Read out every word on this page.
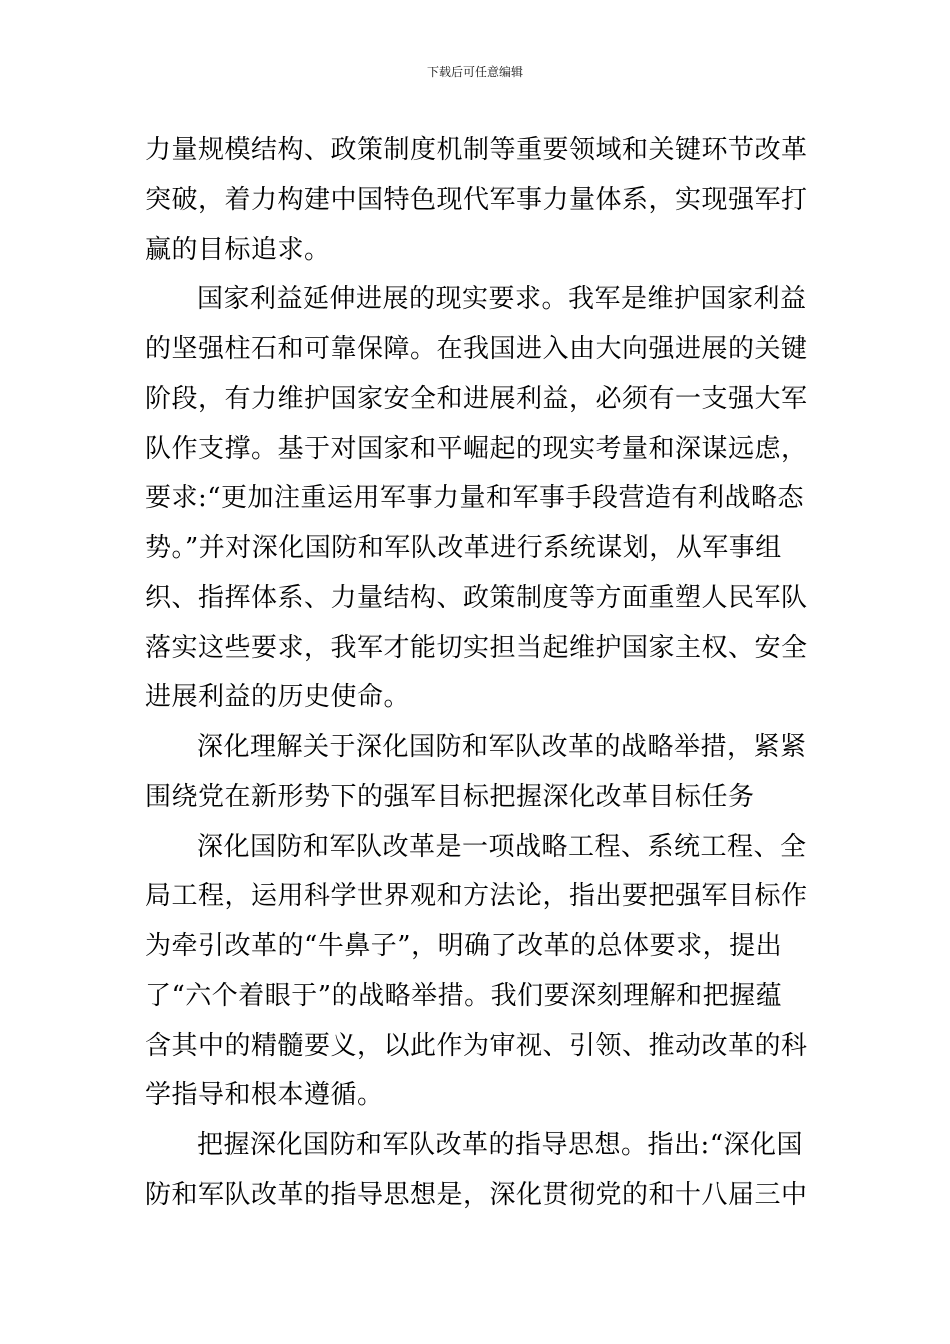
下载后可任意编辑
力量规模结构、政策制度机制等重要领域和关键环节改革
突破，着力构建中国特色现代军事力量体系，实现强军打
赢的目标追求。
国家利益延伸进展的现实要求。我军是维护国家利益
的坚强柱石和可靠保障。在我国进入由大向强进展的关键
阶段，有力维护国家安全和进展利益，必须有一支强大军
队作支撑。基于对国家和平崛起的现实考量和深谋远虑，
要求:“更加注重运用军事力量和军事手段营造有利战略态
势。”并对深化国防和军队改革进行系统谋划，从军事组
织、指挥体系、力量结构、政策制度等方面重塑人民军队
落实这些要求，我军才能切实担当起维护国家主权、安全
进展利益的历史使命。
深化理解关于深化国防和军队改革的战略举措，紧紧
围绕党在新形势下的强军目标把握深化改革目标任务
深化国防和军队改革是一项战略工程、系统工程、全
局工程，运用科学世界观和方法论，指出要把强军目标作
为牵引改革的“牛鼻子”，明确了改革的总体要求，提出
了“六个着眼于”的战略举措。我们要深刻理解和把握蕴
含其中的精髓要义，以此作为审视、引领、推动改革的科
学指导和根本遵循。
把握深化国防和军队改革的指导思想。指出:“深化国
防和军队改革的指导思想是，深化贯彻党的和十八届三中
